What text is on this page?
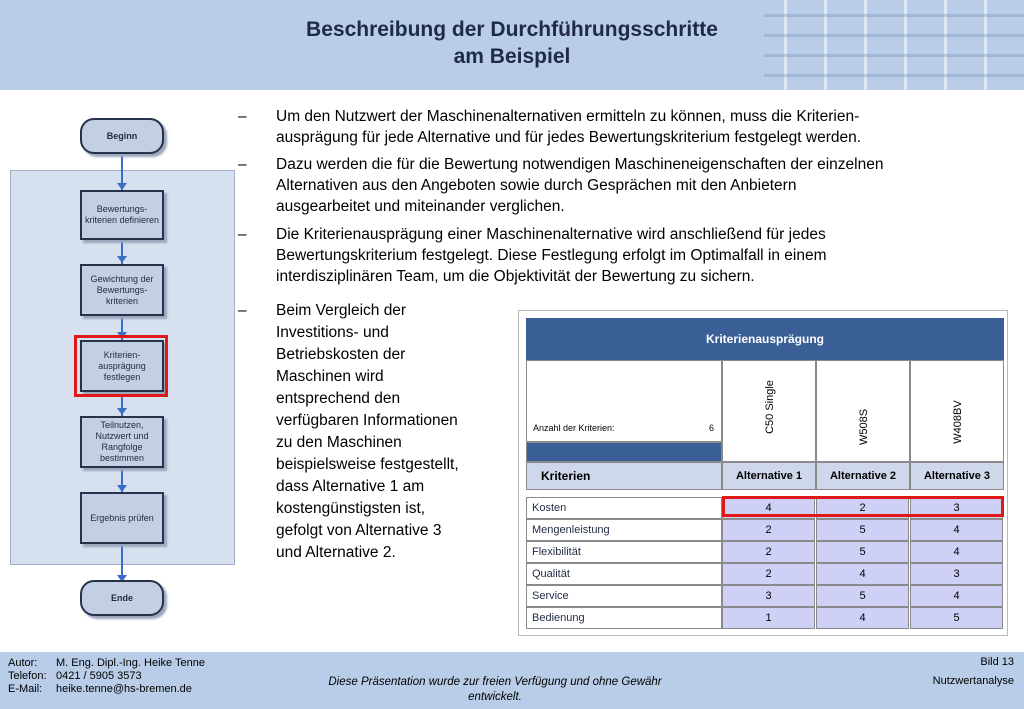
Beschreibung der Durchführungsschritte
am Beispiel
Beginn
Bewertungs-
kriterien definieren
Gewichtung der
Bewertungs-
kriterien
Kriterien-
ausprägung
festlegen
Teilnutzen,
Nutzwert und
Rangfolge
bestimmen
Ergebnis prüfen
Ende
– Um den Nutzwert der Maschinenalternativen ermitteln zu können, muss die Kriterien-
ausprägung für jede Alternative und für jedes Bewertungskriterium festgelegt werden.
– Dazu werden die für die Bewertung notwendigen Maschineneigenschaften der einzelnen
Alternativen aus den Angeboten sowie durch Gesprächen mit den Anbietern
ausgearbeitet und miteinander verglichen.
– Die Kriterienausprägung einer Maschinenalternative wird anschließend für jedes
Bewertungskriterium festgelegt. Diese Festlegung erfolgt im Optimalfall in einem
interdisziplinären Team, um die Objektivität der Bewertung zu sichern.
– Beim Vergleich der
Investitions- und
Betriebskosten der
Maschinen wird
entsprechend den
verfügbaren Informationen
zu den Maschinen
beispielsweise festgestellt,
dass Alternative 1 am
kostengünstigsten ist,
gefolgt von Alternative 3
und Alternative 2.
Kriterienausprägung
Anzahl der Kriterien:	6	C50 Single	W508S	W408BV
Kriterien	Alternative 1	Alternative 2	Alternative 3
Kosten	4	2	3
Mengenleistung	2	5	4
Flexibilität	2	5	4
Qualität	2	4	3
Service	3	5	4
Bedienung	1	4	5
Autor: M. Eng. Dipl.-Ing. Heike Tenne
Telefon: 0421 / 5905 3573
E-Mail: heike.tenne@hs-bremen.de
Diese Präsentation wurde zur freien Verfügung und ohne Gewähr
entwickelt.
Bild 13
Nutzwertanalyse
